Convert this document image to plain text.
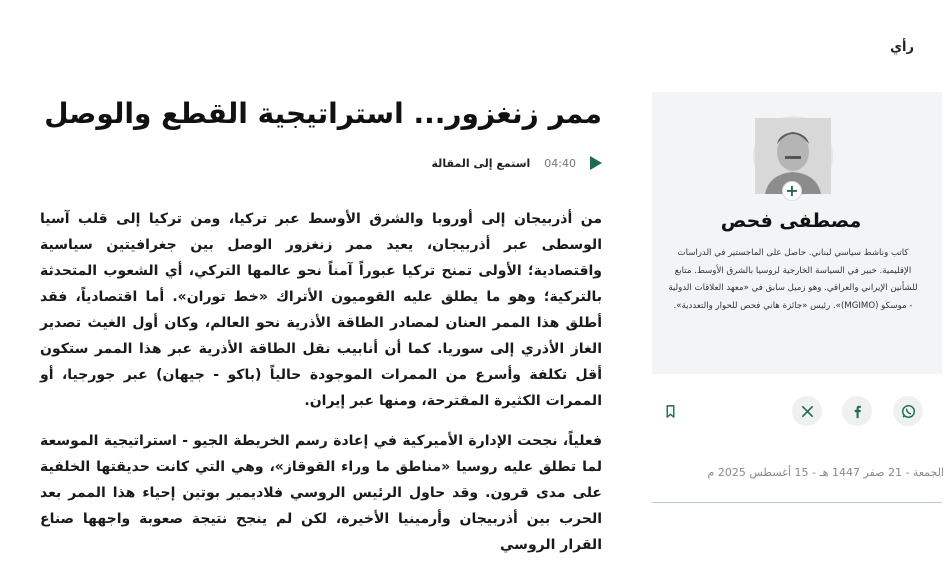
رأي
ممر زنغزور... استراتيجية القطع والوصل
استمع إلى المقالة 04:40

من أذربيجان إلى أوروبا والشرق الأوسط عبر تركيا، ومن تركيا إلى قلب آسيا الوسطى عبر أذربيجان، يعيد ممر زنغزور الوصل بين جغرافيتين سياسية واقتصادية؛ الأولى تمنح تركيا عبوراً آمناً نحو عالمها التركي، أي الشعوب المتحدثة بالتركية؛ وهو ما يطلق عليه القوميون الأتراك «خط توران». أما اقتصادياً، فقد أطلق هذا الممر العنان لمصادر الطاقة الأذرية نحو العالم، وكان أول الغيث تصدير الغاز الأذري إلى سوريا. كما أن أنابيب نقل الطاقة الأذرية عبر هذا الممر ستكون أقل تكلفة وأسرع من الممرات الموجودة حالياً (باكو - جيهان) عبر جورجيا، أو الممرات الكثيرة المقترحة، ومنها عبر إيران.

فعلياً، نجحت الإدارة الأميركية في إعادة رسم الخريطة الجيو - استراتيجية الموسعة لما تطلق عليه روسيا «مناطق ما وراء القوقاز»، وهي التي كانت حديقتها الخلفية على مدى قرون. وقد حاول الرئيس الروسي فلاديمير بوتين إحياء هذا الممر بعد الحرب بين أذربيجان وأرمينيا الأخيرة، لكن لم ينجح نتيجة صعوبة واجهها صناع القرار الروسي

+
مصطفى فحص
كاتب وناشط سياسي لبناني. حاصل على الماجستير في الدراسات الإقليمية. خبير في السياسة الخارجية لروسيا بالشرق الأوسط. متابع للشأنين الإيراني والعراقي. وهو زميل سابق في «معهد العلاقات الدولية - موسكو (MGIMO)». رئيس «جائزة هاني فحص للحوار والتعددية».
الجمعة - 21 صفر 1447 هـ - 15 أغسطس 2025 م
